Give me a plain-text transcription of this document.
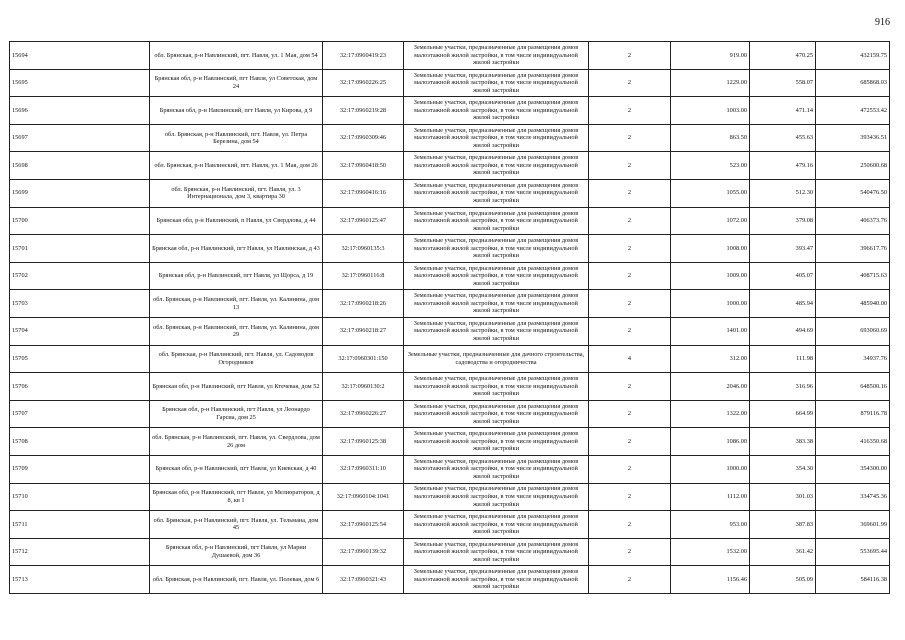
916
15694	обл. Брянская, р-н Навлинский, пгт. Навля, ул. 1 Мая, дом 54	32:17:0960419:23	Земельные участки, предназначенные для размещения домов малоэтажной жилой застройки, в том числе индивидуальной жилой застройки	2	919.00	470.25	432159.75
15695	Брянская обл, р-н Навлинский, пгт Навля, ул Советская, дом 24	32:17:0960226:25	Земельные участки, предназначенные для размещения домов малоэтажной жилой застройки, в том числе индивидуальной жилой застройки	2	1229.00	558.07	685868.03
15696	Брянская обл, р-н Навлинский, пгт Навля, ул Кирова, д 9	32:17:0960219:28	Земельные участки, предназначенные для размещения домов малоэтажной жилой застройки, в том числе индивидуальной жилой застройки	2	1003.00	471.14	472553.42
15697	обл. Брянская, р-н Навлинский, пгт. Навля, ул. Петра Березина, дом 54	32:17:0960309:46	Земельные участки, предназначенные для размещения домов малоэтажной жилой застройки, в том числе индивидуальной жилой застройки	2	863.50	455.63	393436.51
15698	обл. Брянская, р-н Навлинский, пгт. Навля, ул. 1 Мая, дом 26	32:17:0960418:50	Земельные участки, предназначенные для размещения домов малоэтажной жилой застройки, в том числе индивидуальной жилой застройки	2	523.00	479.16	250600.68
15699	обл. Брянская, р-н Навлинский, пгт. Навля, ул. 3 Интернационала, дом 3, квартира 30	32:17:0960416:16	Земельные участки, предназначенные для размещения домов малоэтажной жилой застройки, в том числе индивидуальной жилой застройки	2	1055.00	512.30	540476.50
15700	Брянская обл, р-н Навлинский, п Навля, ул Свердлова, д 44	32:17:0960125:47	Земельные участки, предназначенные для размещения домов малоэтажной жилой застройки, в том числе индивидуальной жилой застройки	2	1072.00	379.08	406373.76
15701	Брянская обл, р-н Навлинский, пгт Навля, ул Навлинская, д 43	32:17:0960135:3	Земельные участки, предназначенные для размещения домов малоэтажной жилой застройки, в том числе индивидуальной жилой застройки	2	1008.00	393.47	396617.76
15702	Брянская обл, р-н Навлинский, пгт Навля, ул Щорса, д 19	32:17:0960116:8	Земельные участки, предназначенные для размещения домов малоэтажной жилой застройки, в том числе индивидуальной жилой застройки	2	1009.00	405.07	408715.63
15703	обл. Брянская, р-н Навлинский, пгт. Навля, ул. Калинина, дом 13	32:17:0960218:26	Земельные участки, предназначенные для размещения домов малоэтажной жилой застройки, в том числе индивидуальной жилой застройки	2	1000.00	485.94	485940.00
15704	обл. Брянская, р-н Навлинский, пгт. Навля, ул. Калинина, дом 29	32:17:0960218:27	Земельные участки, предназначенные для размещения домов малоэтажной жилой застройки, в том числе индивидуальной жилой застройки	2	1401.00	494.69	693060.69
15705	обл. Брянская, р-н Навлинский, пгт. Навля, ул. Садоводов Огородников	32:17:0960301:150	Земельные участки, предназначенные для дачного строительства, садоводства и огородничества	4	312.00	111.98	34937.76
15706	Брянская обл, р-н Навлинский, пгт Навля, ул Ктечевая, дом 52	32:17:0960130:2	Земельные участки, предназначенные для размещения домов малоэтажной жилой застройки, в том числе индивидуальной жилой застройки	2	2046.00	316.96	648500.16
15707	Брянская обл, р-н Навлинский, пгт Навля, ул Леонардо Гарсиа, дом 25	32:17:0960226:27	Земельные участки, предназначенные для размещения домов малоэтажной жилой застройки, в том числе индивидуальной жилой застройки	2	1322.00	664.99	879116.78
15708	обл. Брянская, р-н Навлинский, пгт. Навля, ул. Свердлова, дом 26 дом	32:17:0960125:38	Земельные участки, предназначенные для размещения домов малоэтажной жилой застройки, в том числе индивидуальной жилой застройки	2	1086.00	383.38	416350.68
15709	Брянская обл, р-н Навлинский, пгт Навля, ул Киевская, д 40	32:17:0960311:10	Земельные участки, предназначенные для размещения домов малоэтажной жилой застройки, в том числе индивидуальной жилой застройки	2	1000.00	354.30	354300.00
15710	Брянская обл, р-н Навлинский, пгт Навля, ул Мелиораторов, д 8, кв 1	32:17:0960104:1041	Земельные участки, предназначенные для размещения домов малоэтажной жилой застройки, в том числе индивидуальной жилой застройки	2	1112.00	301.03	334745.36
15711	обл. Брянская, р-н Навлинский, пгт. Навля, ул. Тельмана, дом 45	32:17:0960125:54	Земельные участки, предназначенные для размещения домов малоэтажной жилой застройки, в том числе индивидуальной жилой застройки	2	953.00	387.83	369601.99
15712	Брянская обл, р-н Навлинский, пгт Навля, ул Марии Душаевой, дом 36	32:17:0960139:32	Земельные участки, предназначенные для размещения домов малоэтажной жилой застройки, в том числе индивидуальной жилой застройки	2	1532.00	361.42	553695.44
15713	обл. Брянская, р-н Навлинский, пгт. Навля, ул. Полевая, дом 6	32:17:0960321:43	Земельные участки, предназначенные для размещения домов малоэтажной жилой застройки, в том числе индивидуальной жилой застройки	2	1156.46	505.09	584116.38
